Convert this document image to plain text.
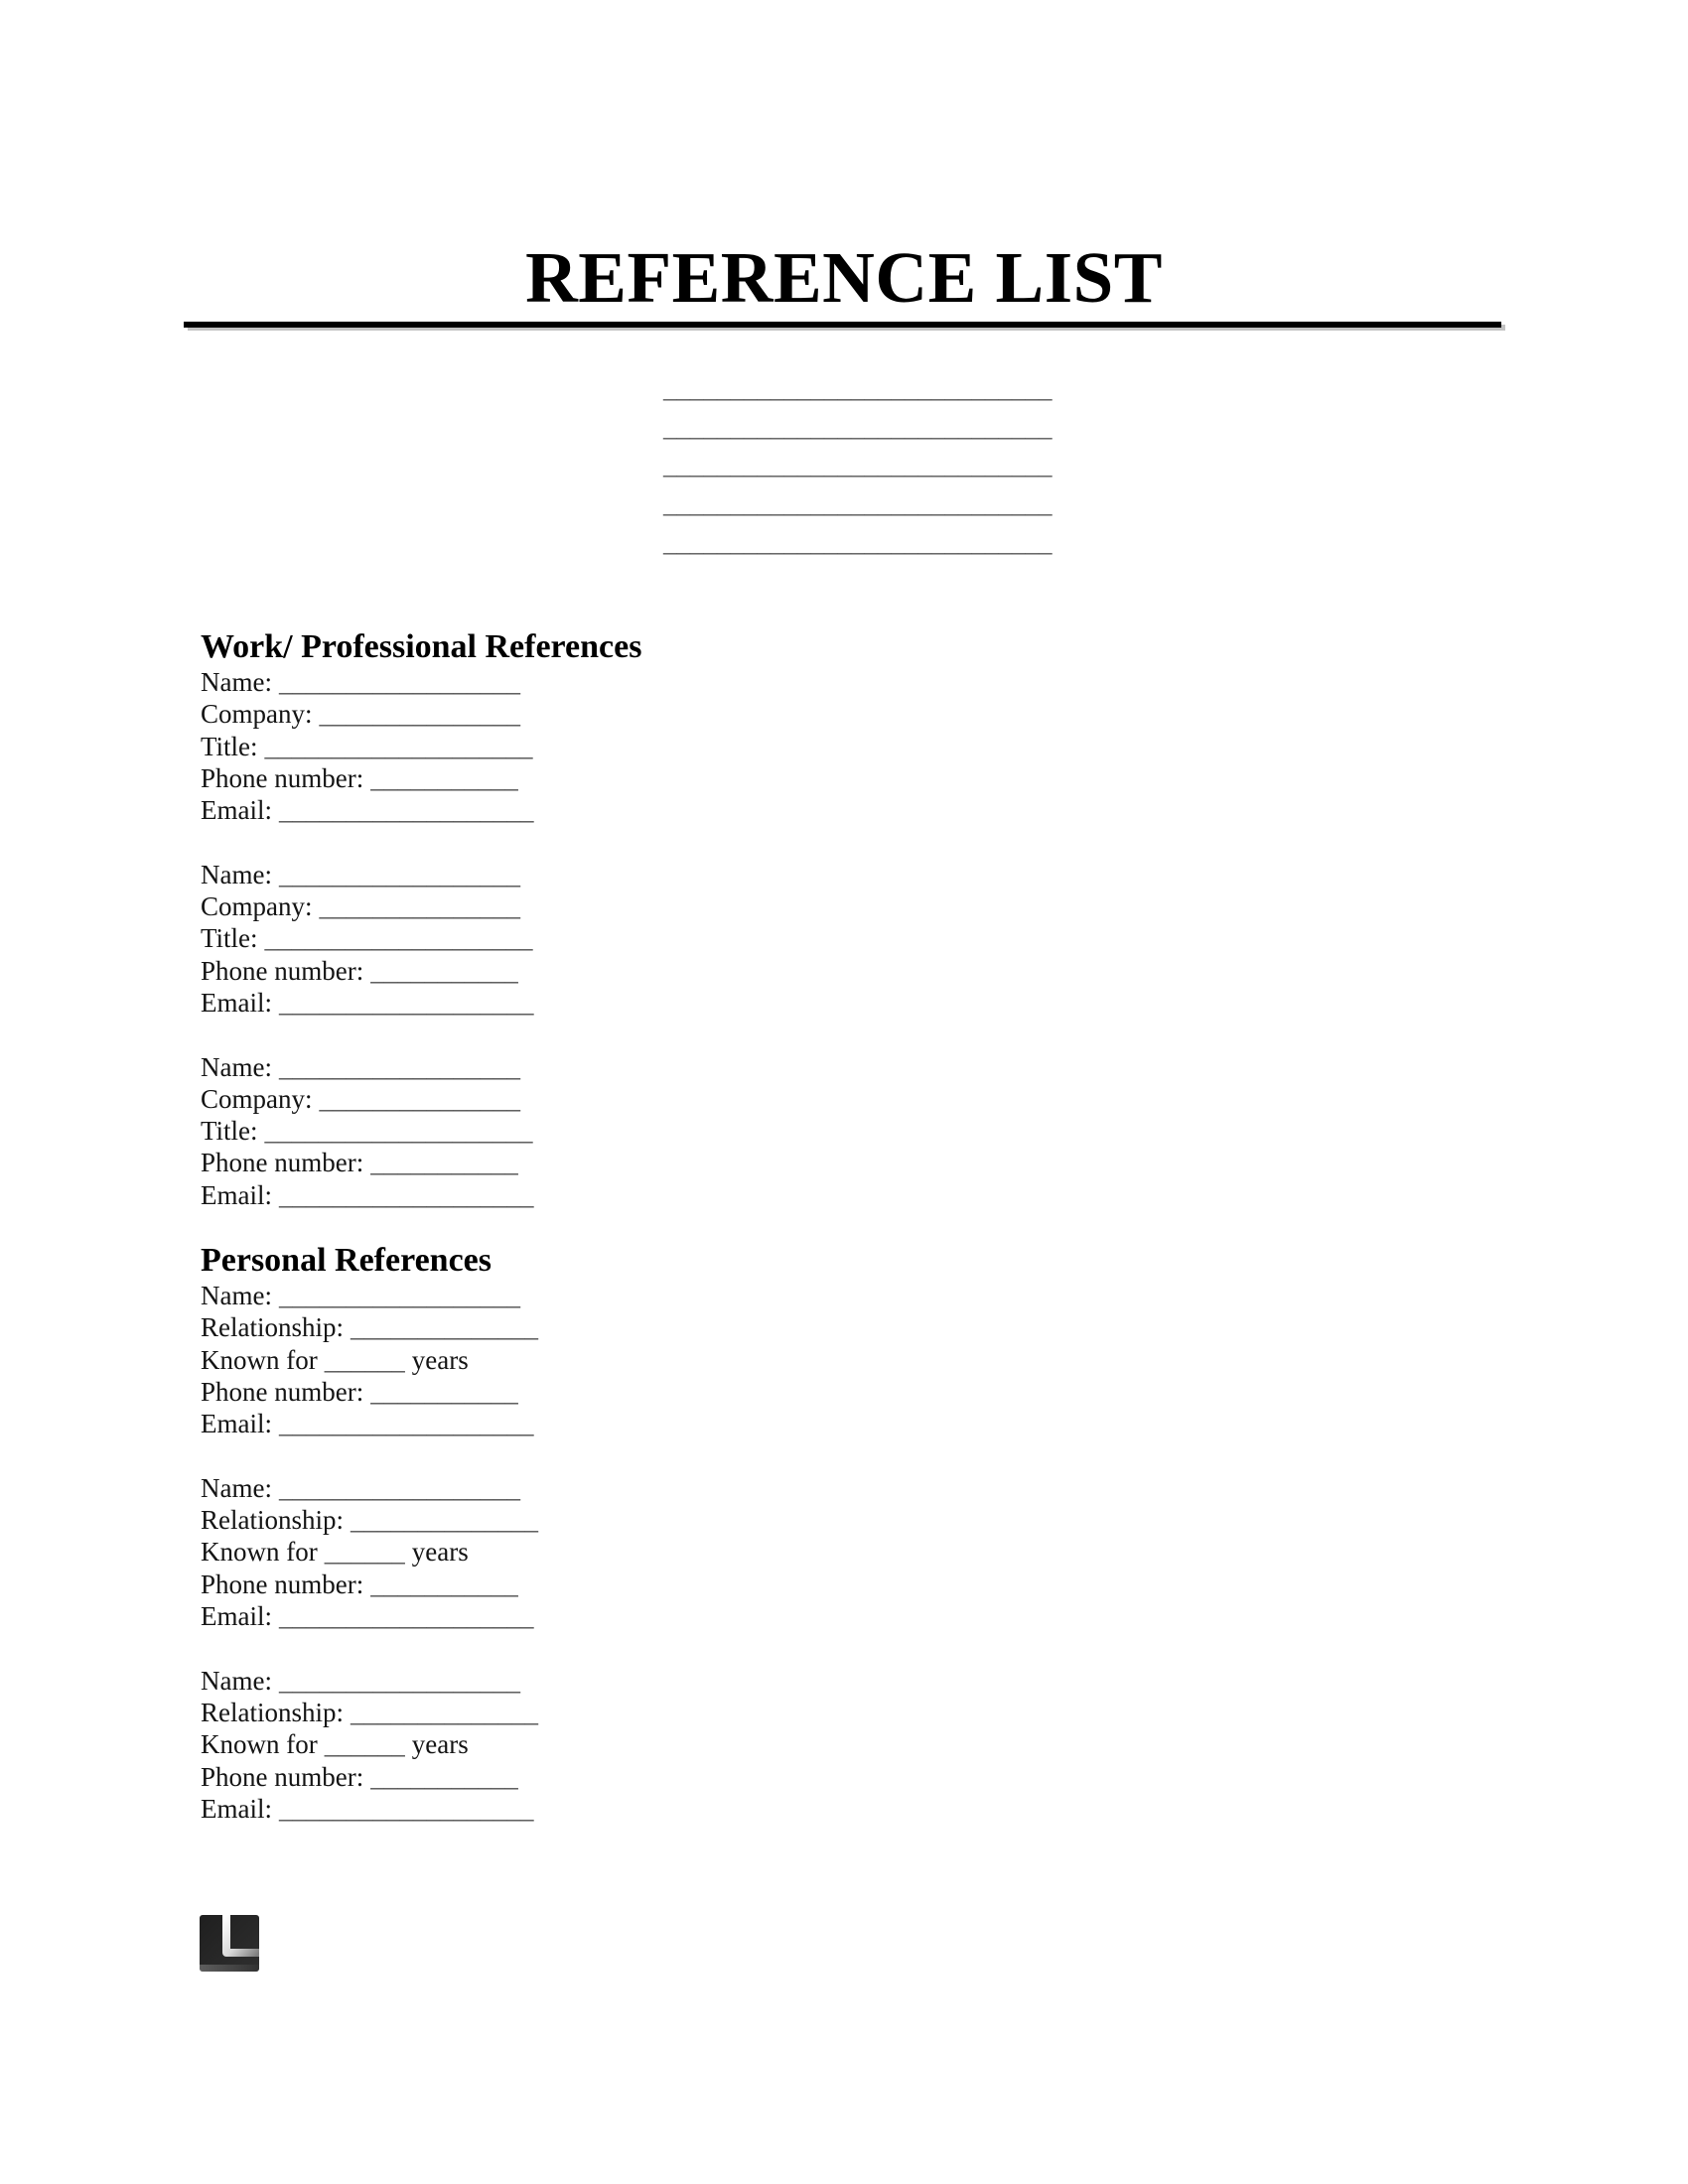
REFERENCE LIST
_____________________________
_____________________________
_____________________________
_____________________________
_____________________________
Work/ Professional References
Name: __________________
Company: _______________
Title: ____________________
Phone number: ___________
Email: ___________________
Name: __________________
Company: _______________
Title: ____________________
Phone number: ___________
Email: ___________________
Name: __________________
Company: _______________
Title: ____________________
Phone number: ___________
Email: ___________________
Personal References
Name: __________________
Relationship: ______________
Known for ______ years
Phone number: ___________
Email: ___________________
Name: __________________
Relationship: ______________
Known for ______ years
Phone number: ___________
Email: ___________________
Name: __________________
Relationship: ______________
Known for ______ years
Phone number: ___________
Email: ___________________
